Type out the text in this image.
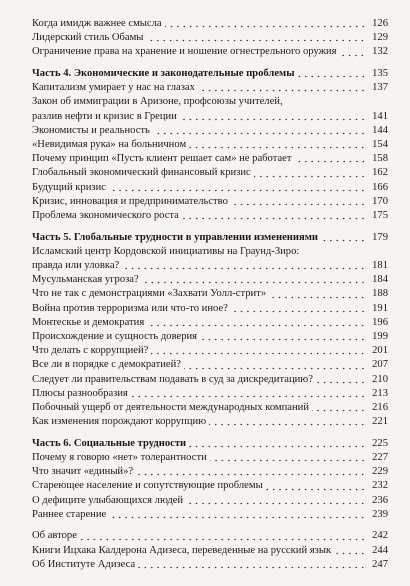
Когда имидж важнее смысла	126
Лидерский стиль Обамы	129
Ограничение права на хранение и ношение огнестрельного оружия	132
Часть 4. Экономические и законодательные проблемы	135
Капитализм умирает у нас на глазах	137
Закон об иммиграции в Аризоне, профсоюзы учителей,
разлив нефти и кризис в Греции	141
Экономисты и реальность	144
«Невидимая рука» на больничном	154
Почему принцип «Пусть клиент решает сам» не работает	158
Глобальный экономический финансовый кризис	162
Будущий кризис	166
Кризис, инновация и предпринимательство	170
Проблема экономического роста	175
Часть 5. Глобальные трудности в управлении изменениями	179
Исламский центр Кордовской инициативы на Граунд-Зиро:
правда или уловка?	181
Мусульманская угроза?	184
Что не так с демонстрациями «Захвати Уолл-стрит»	188
Война против терроризма или что-то иное?	191
Монтескье и демократия	196
Происхождение и сущность доверия	199
Что делать с коррупцией?	201
Все ли в порядке с демократией?	207
Следует ли правительствам подавать в суд за дискредитацию?	210
Плюсы разнообразия	213
Побочный ущерб от деятельности международных компаний	216
Как изменения порождают коррупцию	221
Часть 6. Социальные трудности	225
Почему я говорю «нет» толерантности	227
Что значит «единый»?	229
Стареющее население и сопутствующие проблемы	232
О дефиците улыбающихся людей	236
Раннее старение	239
Об авторе	242
Книги Ицхака Калдерона Адизеса, переведенные на русский язык	244
Об Институте Адизеса	247
